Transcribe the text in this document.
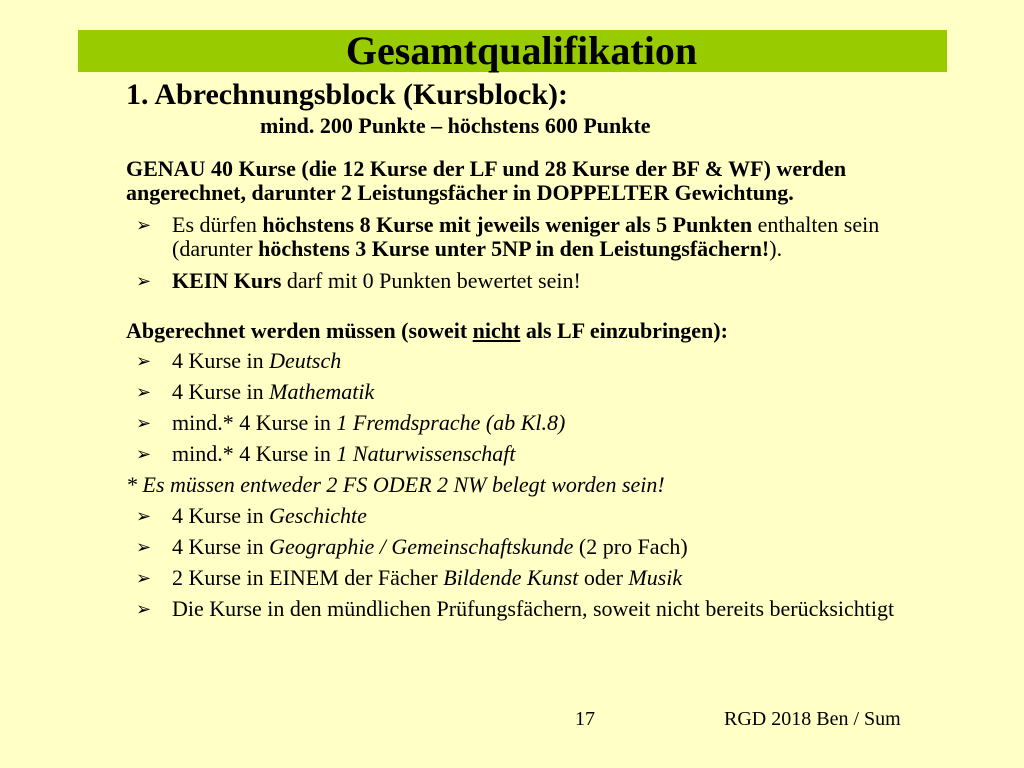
Gesamtqualifikation
1. Abrechnungsblock (Kursblock):
mind. 200 Punkte – höchstens 600 Punkte

GENAU 40 Kurse (die 12 Kurse der LF und 28 Kurse der BF & WF) werden angerechnet, darunter 2 Leistungsfächer in DOPPELTER Gewichtung.

➢ Es dürfen höchstens 8 Kurse mit jeweils weniger als 5 Punkten enthalten sein (darunter höchstens 3 Kurse unter 5NP in den Leistungsfächern!).
➢ KEIN Kurs darf mit 0 Punkten bewertet sein!

Abgerechnet werden müssen (soweit nicht als LF einzubringen):

➢ 4 Kurse in Deutsch
➢ 4 Kurse in Mathematik
➢ mind.* 4 Kurse in 1 Fremdsprache (ab Kl.8)
➢ mind.* 4 Kurse in 1 Naturwissenschaft

* Es müssen entweder 2 FS ODER 2 NW belegt worden sein!

➢ 4 Kurse in Geschichte
➢ 4 Kurse in Geographie / Gemeinschaftskunde (2 pro Fach)
➢ 2 Kurse in EINEM der Fächer Bildende Kunst oder Musik
➢ Die Kurse in den mündlichen Prüfungsfächern, soweit nicht bereits berücksichtigt
17	RGD 2018 Ben / Sum
